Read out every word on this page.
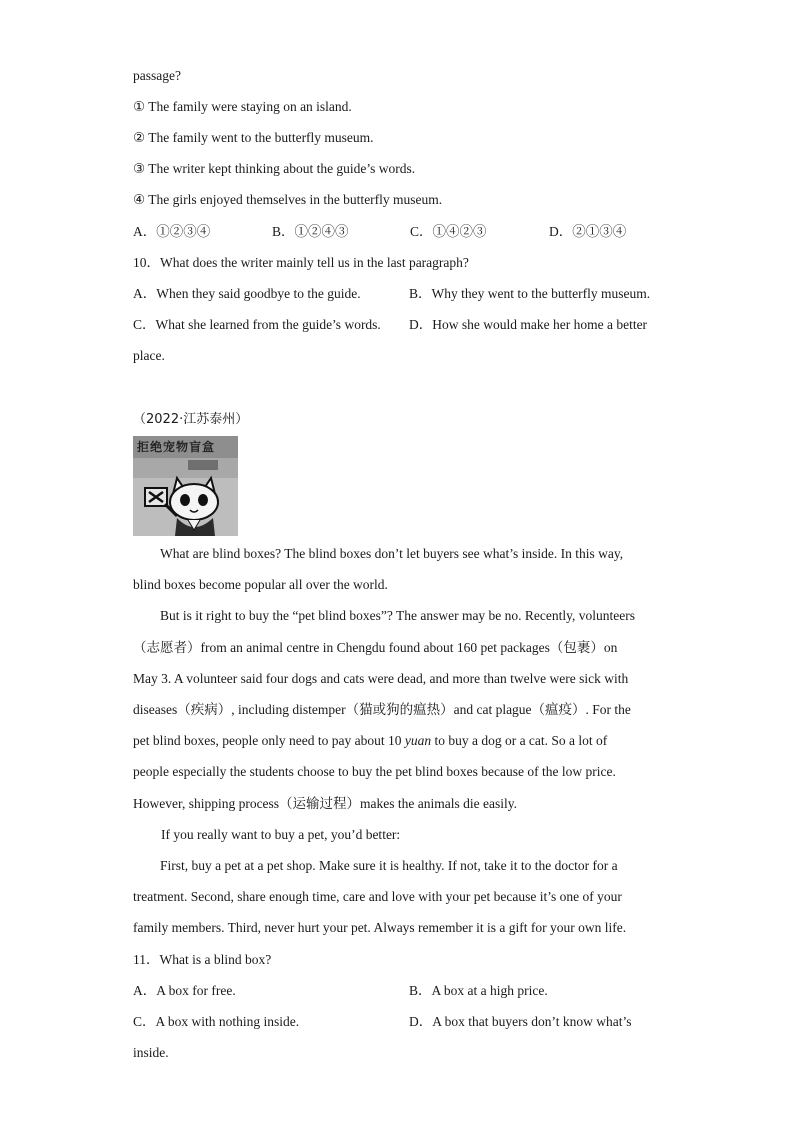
passage?
① The family were staying on an island.
② The family went to the butterfly museum.
③ The writer kept thinking about the guide’s words.
④ The girls enjoyed themselves in the butterfly museum.
A．①②③④	B．①②④③	C．①④②③	D．②①③④
10．What does the writer mainly tell us in the last paragraph?
A．When they said goodbye to the guide.	B．Why they went to the butterfly museum.
C．What she learned from the guide’s words. D．How she would make her home a better
place.
（2022·江苏泰州）
拒绝宠物盲盒
What are blind boxes? The blind boxes don’t let buyers see what’s inside. In this way,
blind boxes become popular all over the world.
But is it right to buy the “pet blind boxes”? The answer may be no. Recently, volunteers
（志愿者）from an animal centre in Chengdu found about 160 pet packages（包裹）on
May 3. A volunteer said four dogs and cats were dead, and more than twelve were sick with
diseases（疾病）, including distemper（猫或狗的瘟热）and cat plague（瘟疫）. For the
pet blind boxes, people only need to pay about 10 yuan to buy a dog or a cat. So a lot of
people especially the students choose to buy the pet blind boxes because of the low price.
However, shipping process（运输过程）makes the animals die easily.
If you really want to buy a pet, you’d better:
First, buy a pet at a pet shop. Make sure it is healthy. If not, take it to the doctor for a
treatment. Second, share enough time, care and love with your pet because it’s one of your
family members. Third, never hurt your pet. Always remember it is a gift for your own life.
11．What is a blind box?
A．A box for free.	B．A box at a high price.
C．A box with nothing inside.	D．A box that buyers don’t know what’s
inside.
